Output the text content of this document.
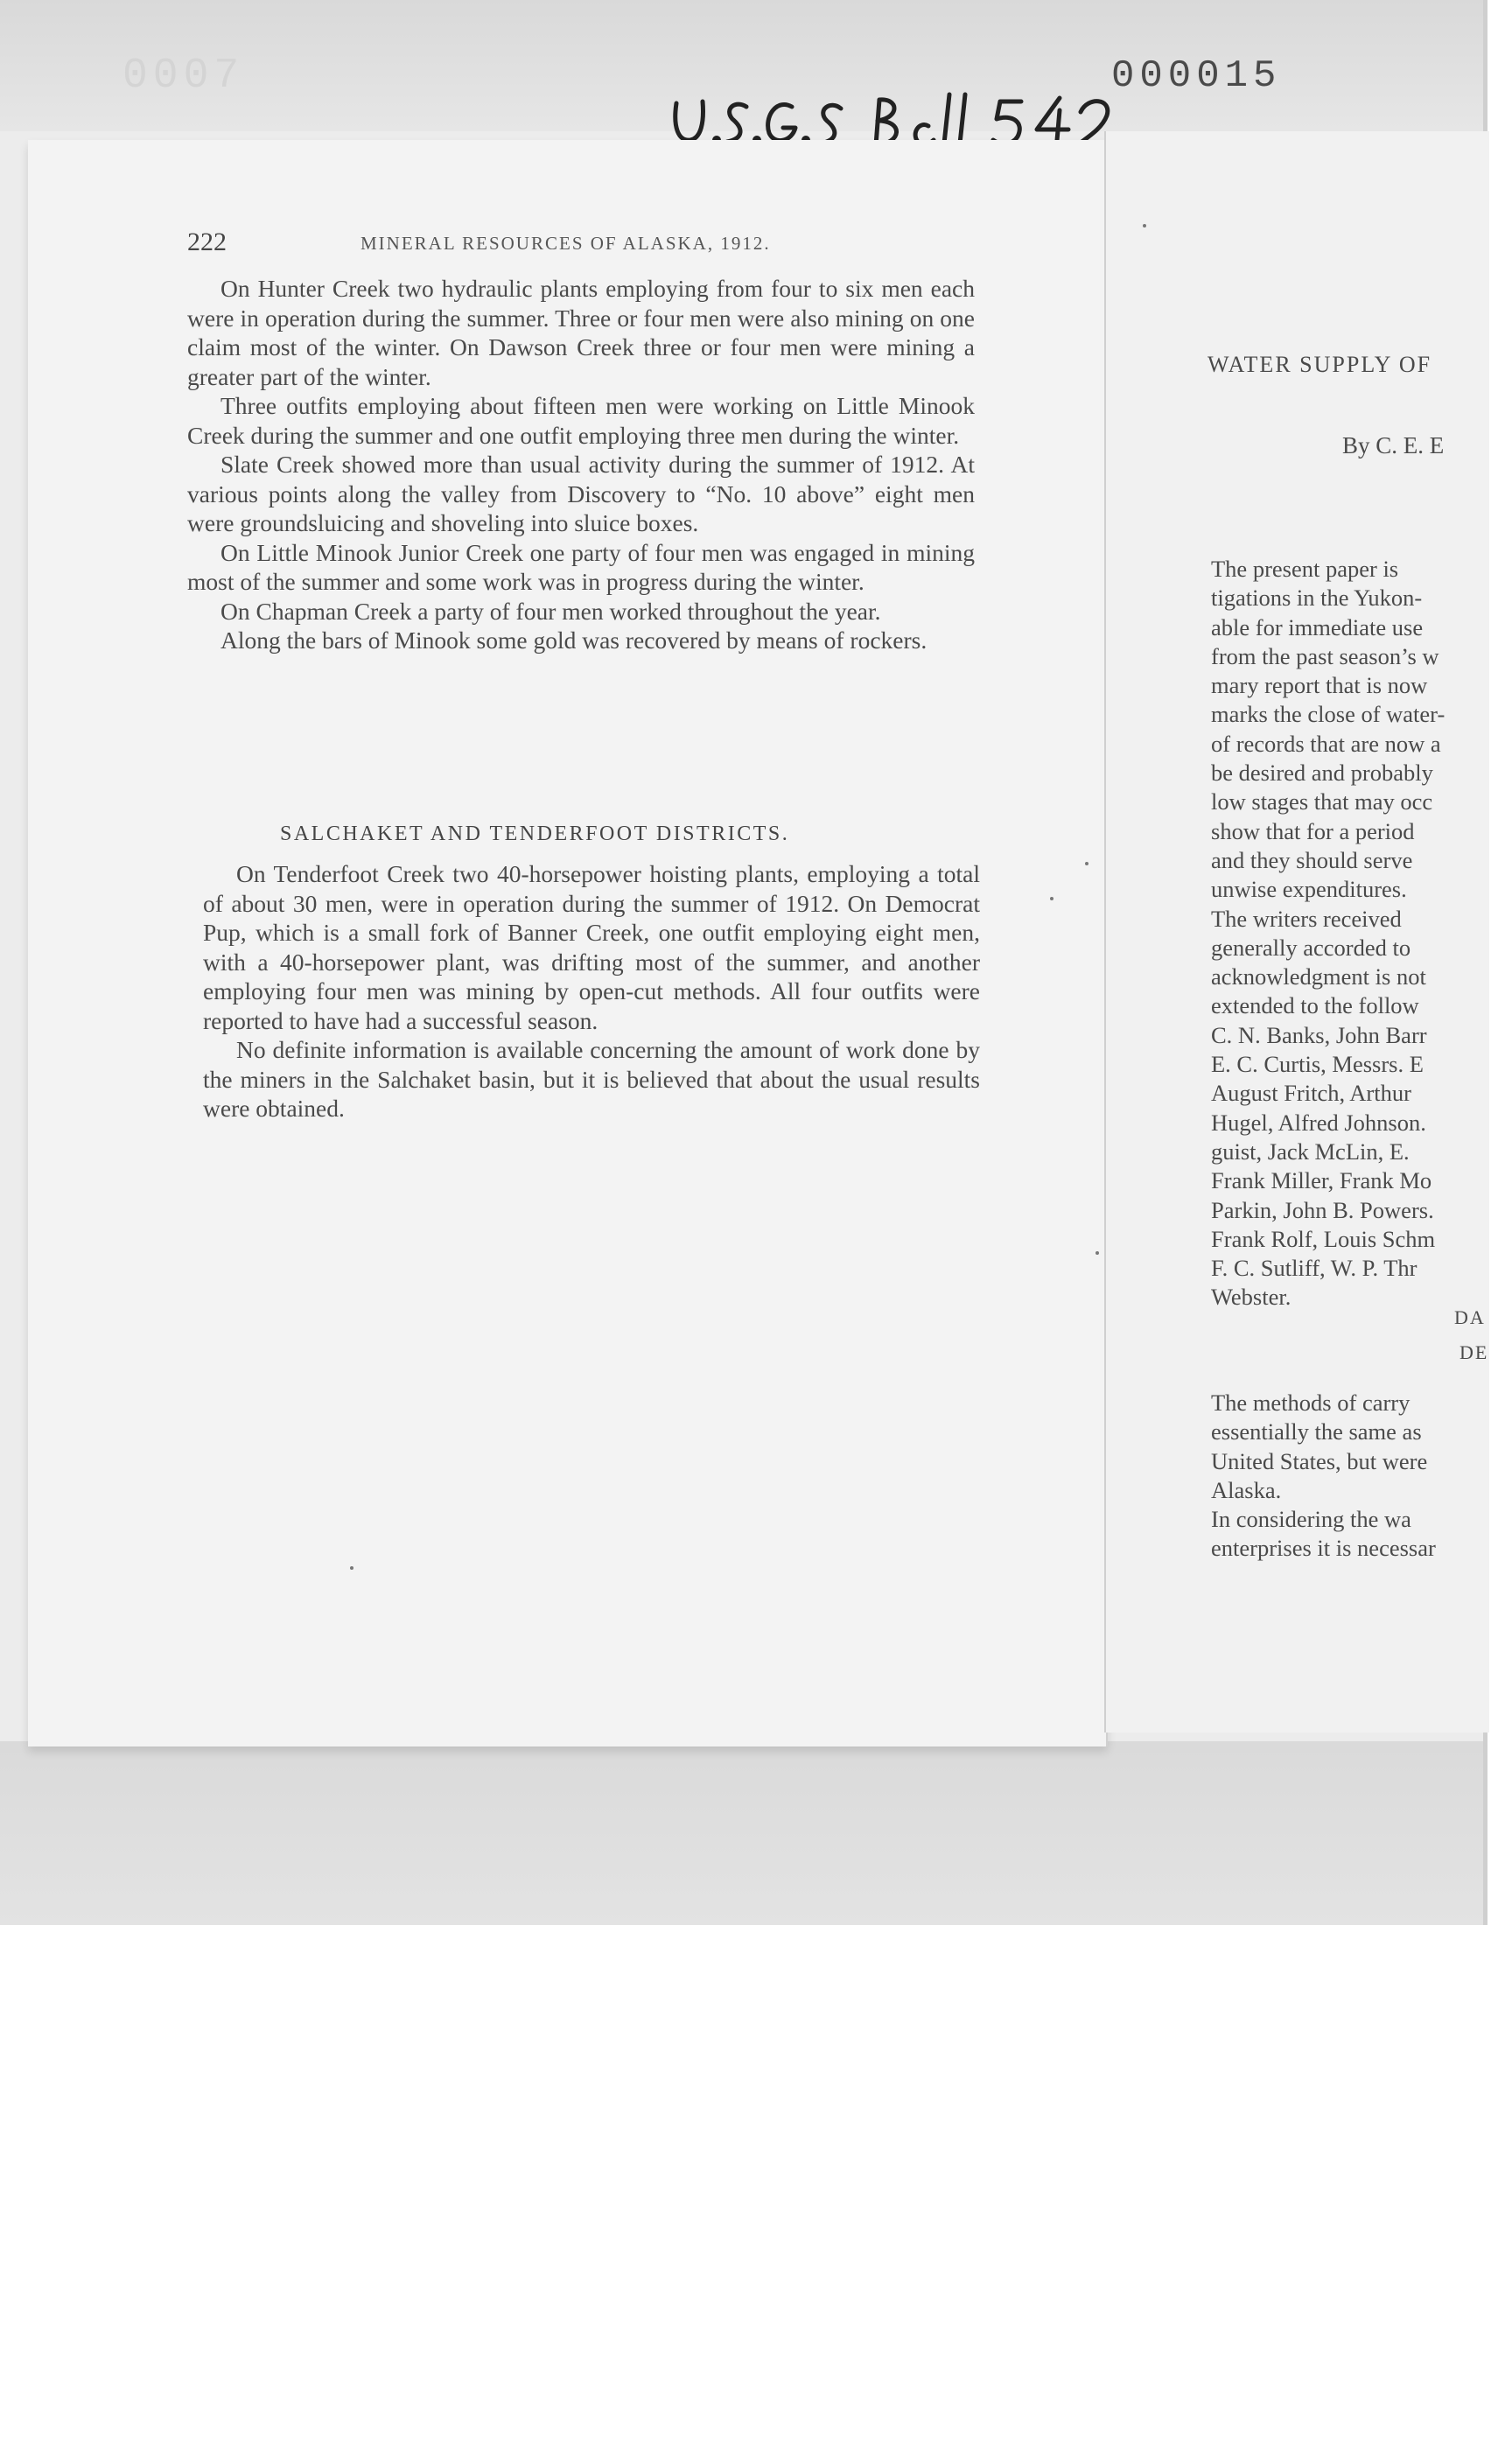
0007	000015
222	MINERAL RESOURCES OF ALASKA, 1912.

On Hunter Creek two hydraulic plants employing from four to six men each were in operation during the summer. Three or four men were also mining on one claim most of the winter. On Dawson Creek three or four men were mining a greater part of the winter.

Three outfits employing about fifteen men were working on Little Minook Creek during the summer and one outfit employing three men during the winter.

Slate Creek showed more than usual activity during the summer of 1912. At various points along the valley from Discovery to “No. 10 above” eight men were groundsluicing and shoveling into sluice boxes.

On Little Minook Junior Creek one party of four men was engaged in mining most of the summer and some work was in progress during the winter.

On Chapman Creek a party of four men worked throughout the year.

Along the bars of Minook some gold was recovered by means of rockers.

SALCHAKET AND TENDERFOOT DISTRICTS.

On Tenderfoot Creek two 40-horsepower hoisting plants, employing a total of about 30 men, were in operation during the summer of 1912. On Democrat Pup, which is a small fork of Banner Creek, one outfit employing eight men, with a 40-horsepower plant, was drifting most of the summer, and another employing four men was mining by open-cut methods. All four outfits were reported to have had a successful season.

No definite information is available concerning the amount of work done by the miners in the Salchaket basin, but it is believed that about the usual results were obtained.

WATER SUPPLY OF
By C. E. E
The present paper is
tigations in the Yukon-
able for immediate use
from the past season’s w
mary report that is now
marks the close of water-
of records that are now a
be desired and probably
low stages that may occ
show that for a period
and they should serve
unwise expenditures.
The writers received
generally accorded to
acknowledgment is not
extended to the follow
C. N. Banks, John Barr
E. C. Curtis, Messrs. E
August Fritch, Arthur
Hugel, Alfred Johnson.
guist, Jack McLin, E.
Frank Miller, Frank Mo
Parkin, John B. Powers.
Frank Rolf, Louis Schm
F. C. Sutliff, W. P. Thr
Webster.
DA
DE
The methods of carry
essentially the same as
United States, but were
Alaska.
In considering the wa
enterprises it is necessar
